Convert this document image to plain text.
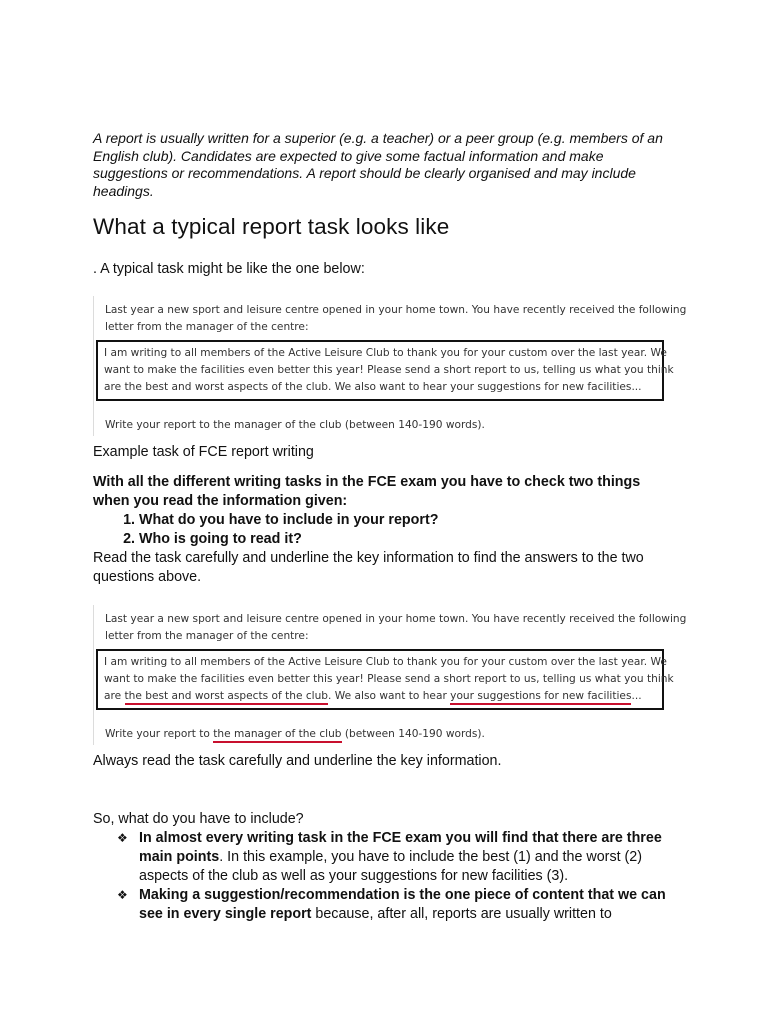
A report is usually written for a superior (e.g. a teacher) or a peer group (e.g. members of an English club). Candidates are expected to give some factual information and make suggestions or recommendations. A report should be clearly organised and may include headings.
What a typical report task looks like
. A typical task might be like the one below:
Last year a new sport and leisure centre opened in your home town. You have recently received the following
letter from the manager of the centre:
I am writing to all members of the Active Leisure Club to thank you for your custom over the last year. We
want to make the facilities even better this year! Please send a short report to us, telling us what you think
are the best and worst aspects of the club. We also want to hear your suggestions for new facilities...
Write your report to the manager of the club (between 140-190 words).
Example task of FCE report writing
With all the different writing tasks in the FCE exam you have to check two things when you read the information given:
1. What do you have to include in your report?
2. Who is going to read it?
Read the task carefully and underline the key information to find the answers to the two questions above.
Last year a new sport and leisure centre opened in your home town. You have recently received the following
letter from the manager of the centre:
I am writing to all members of the Active Leisure Club to thank you for your custom over the last year. We
want to make the facilities even better this year! Please send a short report to us, telling us what you think
are the best and worst aspects of the club. We also want to hear your suggestions for new facilities...
Write your report to the manager of the club (between 140-190 words).
Always read the task carefully and underline the key information.
So, what do you have to include?
❖ In almost every writing task in the FCE exam you will find that there are three main points. In this example, you have to include the best (1) and the worst (2) aspects of the club as well as your suggestions for new facilities (3).
❖ Making a suggestion/recommendation is the one piece of content that we can see in every single report because, after all, reports are usually written to
